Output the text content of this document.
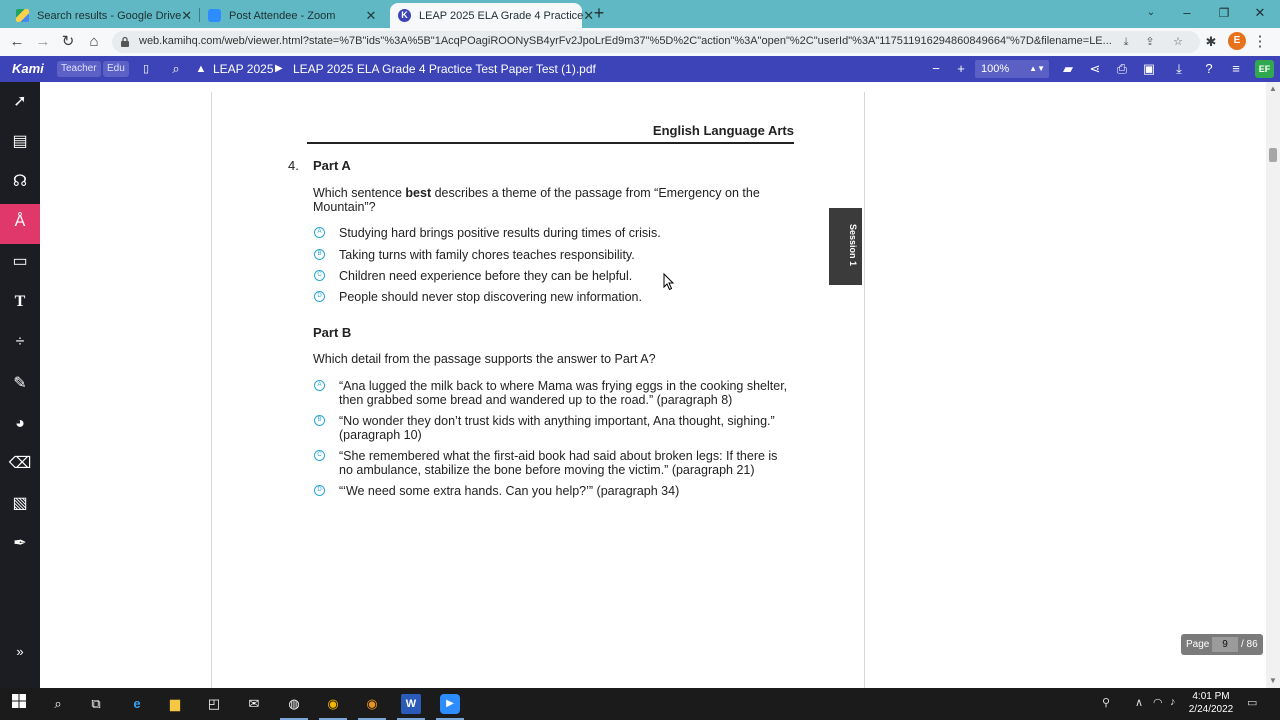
Search results - Google Drive ✕	Post Attendee - Zoom	✕	K LEAP 2025 ELA Grade 4 Practice ✕ +	⌄	–	❐	✕
← → ↻	⌂	web.kamihq.com/web/viewer.html?state=%7B"ids"%3A%5B"1AcqPOagiROONySB4yrFv2JpoLrEd9m37"%5D%2C"action"%3A"open"%2C"userId"%3A"117511916294860849664"%7D&filename=LE...	⤓	⇪	☆	✱	⋮
E
Kami	Teacher	Edu	▯	⌕	▲ LEAP 2025 ▶ LEAP 2025 ELA Grade 4 Practice Test Paper Test (1).pdf	−	+	100%	▲▼	▰	⋖ ⎙ ▣	⤓	?	≡	EF
➚
▤
☊
Å
▭
T
÷
✎
◕
⌫
▧
✒
»
English Language Arts
4. Part A
Which sentence best describes a theme of the passage from “Emergency on the
Mountain”?
A Studying hard brings positive results during times of crisis.
B Taking turns with family chores teaches responsibility.
C Children need experience before they can be helpful.
D People should never stop discovering new information.
Part B
Which detail from the passage supports the answer to Part A?
A “Ana lugged the milk back to where Mama was frying eggs in the cooking shelter,
then grabbed some bread and wandered up to the road.” (paragraph 8)
B “No wonder they don’t trust kids with anything important, Ana thought, sighing.”
(paragraph 10)
C “She remembered what the first-aid book had said about broken legs: If there is
no ambulance, stabilize the bone before moving the victim.” (paragraph 21)
D “‘We need some extra hands. Can you help?’” (paragraph 34)
Session 1
Page	9	/ 86
▲
▼
⌕	⧉	e	▆	◰	✉	◍	◉	◉	W	▶	⚲ ∧ ◠ ♪	4:01 PM
2/24/2022
▭
